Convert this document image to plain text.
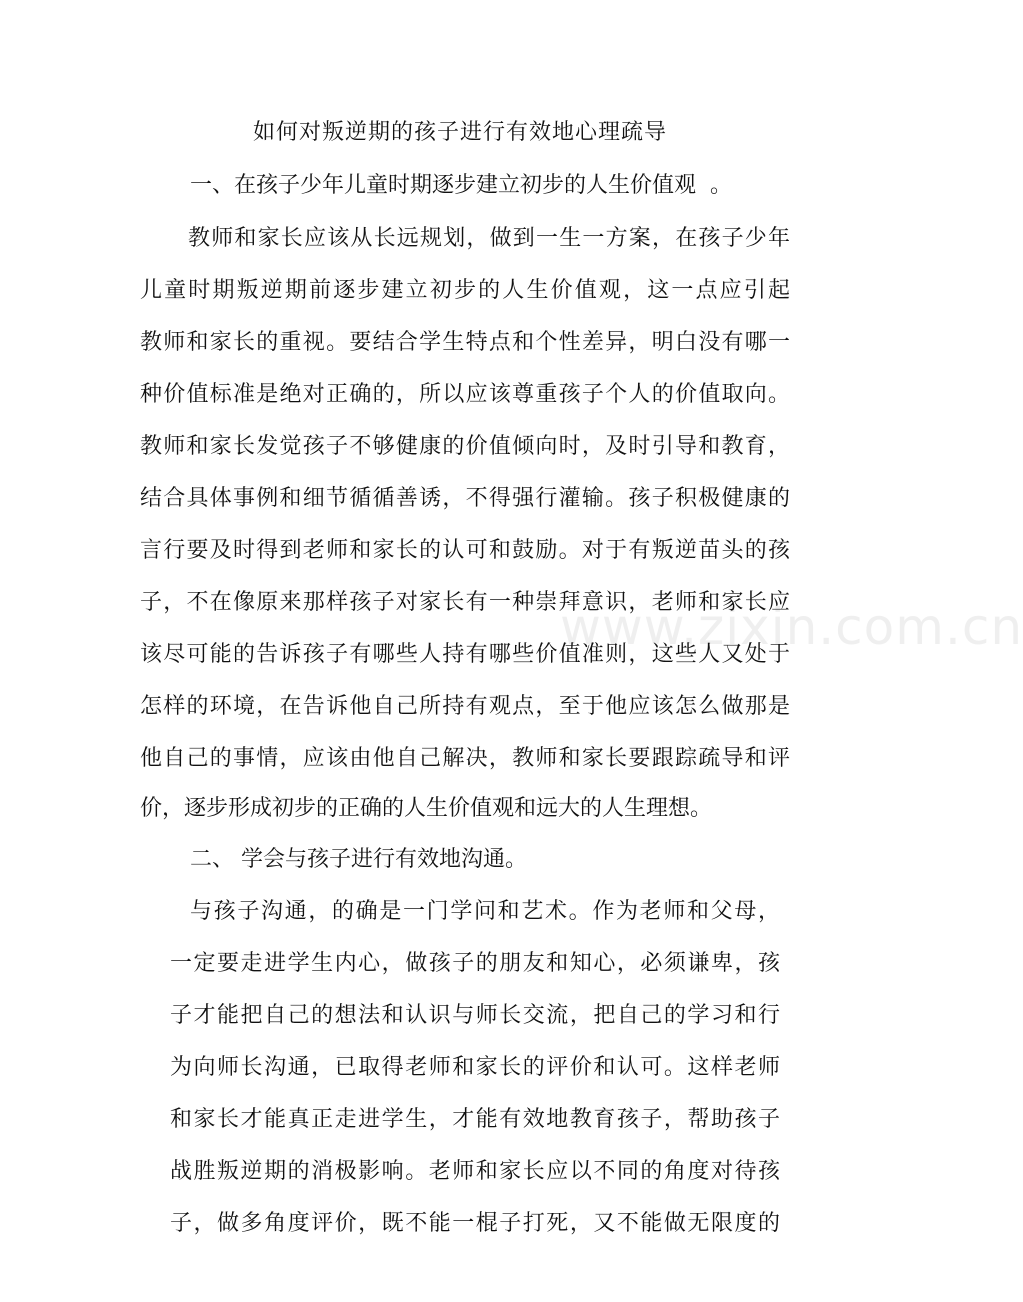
www.zixin.com.cn
如何对叛逆期的孩子进行有效地心理疏导
一、在孩子少年儿童时期逐步建立初步的人生价值观  。
教师和家长应该从长远规划，做到一生一方案，在孩子少年
儿童时期叛逆期前逐步建立初步的人生价值观，这一点应引起
教师和家长的重视。要结合学生特点和个性差异，明白没有哪一
种价值标准是绝对正确的，所以应该尊重孩子个人的价值取向。
教师和家长发觉孩子不够健康的价值倾向时，及时引导和教育，
结合具体事例和细节循循善诱，不得强行灌输。孩子积极健康的
言行要及时得到老师和家长的认可和鼓励。对于有叛逆苗头的孩
子，不在像原来那样孩子对家长有一种崇拜意识，老师和家长应
该尽可能的告诉孩子有哪些人持有哪些价值准则，这些人又处于
怎样的环境，在告诉他自己所持有观点，至于他应该怎么做那是
他自己的事情，应该由他自己解决，教师和家长要跟踪疏导和评
价，逐步形成初步的正确的人生价值观和远大的人生理想。
二、 学会与孩子进行有效地沟通。
与孩子沟通，的确是一门学问和艺术。作为老师和父母，
一定要走进学生内心，做孩子的朋友和知心，必须谦卑，孩
子才能把自己的想法和认识与师长交流，把自己的学习和行
为向师长沟通，已取得老师和家长的评价和认可。这样老师
和家长才能真正走进学生，才能有效地教育孩子，帮助孩子
战胜叛逆期的消极影响。老师和家长应以不同的角度对待孩
子，做多角度评价，既不能一棍子打死，又不能做无限度的
